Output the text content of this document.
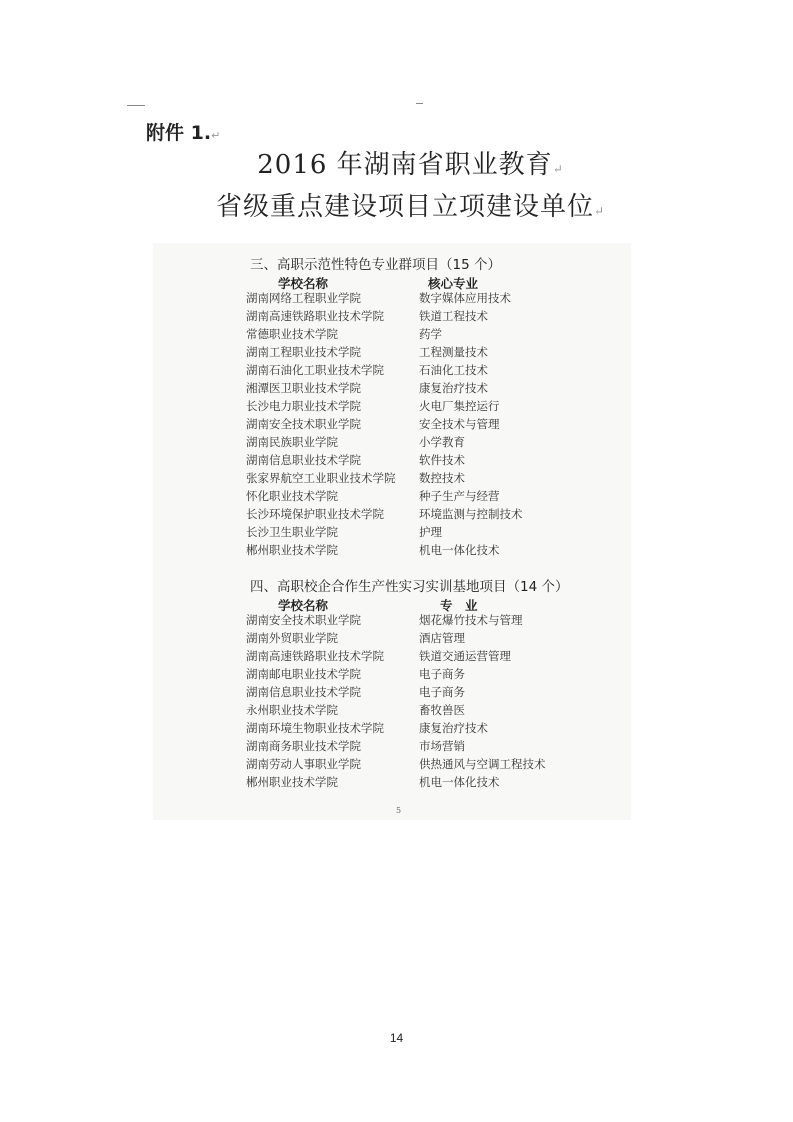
附件 1.↵
2016 年湖南省职业教育↵
省级重点建设项目立项建设单位↵
三、高职示范性特色专业群项目（15 个）
学校名称	核心专业
湖南网络工程职业学院	数字媒体应用技术
湖南高速铁路职业技术学院	铁道工程技术
常德职业技术学院	药学
湖南工程职业技术学院	工程测量技术
湖南石油化工职业技术学院	石油化工技术
湘潭医卫职业技术学院	康复治疗技术
长沙电力职业技术学院	火电厂集控运行
湖南安全技术职业学院	安全技术与管理
湖南民族职业学院	小学教育
湖南信息职业技术学院	软件技术
张家界航空工业职业技术学院 数控技术
怀化职业技术学院	种子生产与经营
长沙环境保护职业技术学院	环境监测与控制技术
长沙卫生职业学院	护理
郴州职业技术学院	机电一体化技术
四、高职校企合作生产性实习实训基地项目（14 个）
学校名称	专　业
湖南安全技术职业学院	烟花爆竹技术与管理
湖南外贸职业学院	酒店管理
湖南高速铁路职业技术学院	铁道交通运营管理
湖南邮电职业技术学院	电子商务
湖南信息职业技术学院	电子商务
永州职业技术学院	畜牧兽医
湖南环境生物职业技术学院	康复治疗技术
湖南商务职业技术学院	市场营销
湖南劳动人事职业学院	供热通风与空调工程技术
郴州职业技术学院	机电一体化技术
5
14
